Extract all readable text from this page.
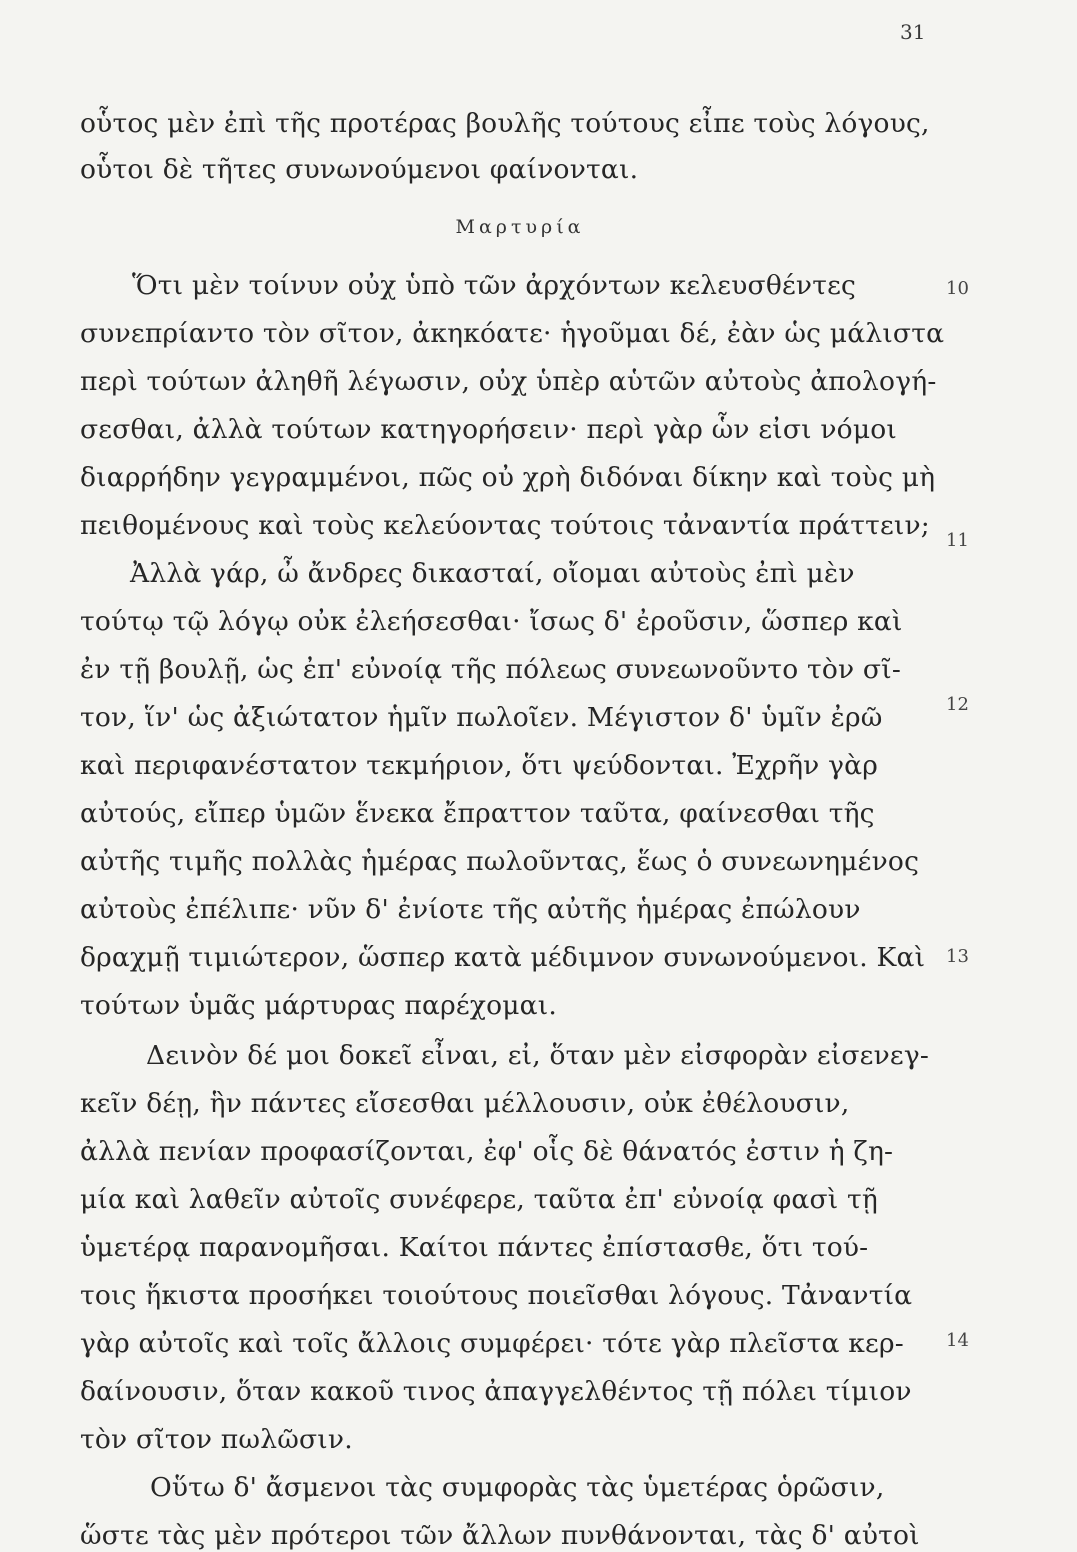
31
οὗτος μὲν ἐπὶ τῆς προτέρας βουλῆς τούτους εἶπε τοὺς λόγους,
οὗτοι δὲ τῆτες συνωνούμενοι φαίνονται.
Μαρτυρία
Ὅτι μὲν τοίνυν οὐχ ὑπὸ τῶν ἀρχόντων κελευσθέντες	10
συνεπρίαντο τὸν σῖτον, ἀκηκόατε· ἡγοῦμαι δέ, ἐὰν ὡς μάλιστα
περὶ τούτων ἀληθῆ λέγωσιν, οὐχ ὑπὲρ αὑτῶν αὐτοὺς ἀπολογή-
σεσθαι, ἀλλὰ τούτων κατηγορήσειν· περὶ γὰρ ὧν εἰσι νόμοι
διαρρήδην γεγραμμένοι, πῶς οὐ χρὴ διδόναι δίκην καὶ τοὺς μὴ
πειθομένους καὶ τοὺς κελεύοντας τούτοις τἀναντία πράττειν;
Ἀλλὰ γάρ, ὦ ἄνδρες δικασταί, οἴομαι αὐτοὺς ἐπὶ μὲν
11
τούτῳ τῷ λόγῳ οὐκ ἐλεήσεσθαι· ἴσως δ' ἐροῦσιν, ὥσπερ καὶ
ἐν τῇ βουλῇ, ὡς ἐπ' εὐνοίᾳ τῆς πόλεως συνεωνοῦντο τὸν σῖ-
τον, ἵν' ὡς ἀξιώτατον ἡμῖν πωλοῖεν. Μέγιστον δ' ὑμῖν ἐρῶ
καὶ περιφανέστατον τεκμήριον, ὅτι ψεύδονται. Ἐχρῆν γὰρ
12
αὐτούς, εἴπερ ὑμῶν ἕνεκα ἔπραττον ταῦτα, φαίνεσθαι τῆς
αὐτῆς τιμῆς πολλὰς ἡμέρας πωλοῦντας, ἕως ὁ συνεωνημένος
αὐτοὺς ἐπέλιπε· νῦν δ' ἐνίοτε τῆς αὐτῆς ἡμέρας ἐπώλουν
δραχμῇ τιμιώτερον, ὥσπερ κατὰ μέδιμνον συνωνούμενοι. Καὶ
τούτων ὑμᾶς μάρτυρας παρέχομαι.
Δεινὸν δέ μοι δοκεῖ εἶναι, εἰ, ὅταν μὲν εἰσφορὰν εἰσενεγ-
13
κεῖν δέῃ, ἣν πάντες εἴσεσθαι μέλλουσιν, οὐκ ἐθέλουσιν,
ἀλλὰ πενίαν προφασίζονται, ἐφ' οἷς δὲ θάνατός ἐστιν ἡ ζη-
μία καὶ λαθεῖν αὐτοῖς συνέφερε, ταῦτα ἐπ' εὐνοίᾳ φασὶ τῇ
ὑμετέρᾳ παρανομῆσαι. Καίτοι πάντες ἐπίστασθε, ὅτι τού-
τοις ἥκιστα προσήκει τοιούτους ποιεῖσθαι λόγους. Τἀναντία
γὰρ αὐτοῖς καὶ τοῖς ἄλλοις συμφέρει· τότε γὰρ πλεῖστα κερ-
δαίνουσιν, ὅταν κακοῦ τινος ἀπαγγελθέντος τῇ πόλει τίμιον
τὸν σῖτον πωλῶσιν.
Οὕτω δ' ἄσμενοι τὰς συμφορὰς τὰς ὑμετέρας ὁρῶσιν,
14
ὥστε τὰς μὲν πρότεροι τῶν ἄλλων πυνθάνονται, τὰς δ' αὐτοὶ
